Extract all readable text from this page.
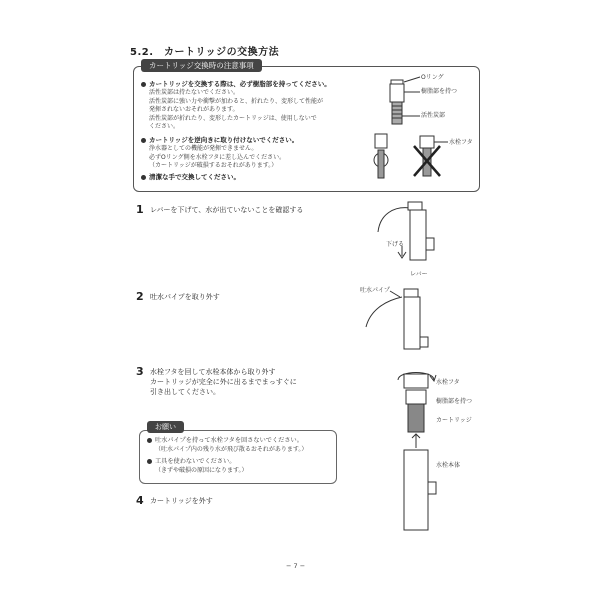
5.2.　カートリッジの交換方法
カートリッジ交換時の注意事項
カートリッジを交換する際は、必ず樹脂部を持ってください。
活性炭部は持たないでください。
活性炭部に強い力や衝撃が加わると、折れたり、変形して性能が
発揮されないおそれがあります。
活性炭部が折れたり、変形したカートリッジは、使用しないで
ください。
カートリッジを逆向きに取り付けないでください。
浄水器としての機能が発揮できません。
必ずOリング側を水栓フタに差し込んでください。
（カートリッジが破損するおそれがあります。）
清潔な手で交換してください。
Oリング
樹脂部を持つ
活性炭部
水栓フタ
1 レバーを下げて、水が出ていないことを確認する
下げる
レバー
2 吐水パイプを取り外す
吐水パイプ
3 水栓フタを回して水栓本体から取り外す
カートリッジが完全に外に出るまでまっすぐに
引き出してください。
水栓フタ
樹脂部を持つ
カートリッジ
水栓本体
お願い
吐水パイプを持って水栓フタを回さないでください。
（吐水パイプ内の残り水が飛び散るおそれがあります。）
工具を使わないでください。
（きずや破損の原因になります。）
4 カートリッジを外す
− 7 −
